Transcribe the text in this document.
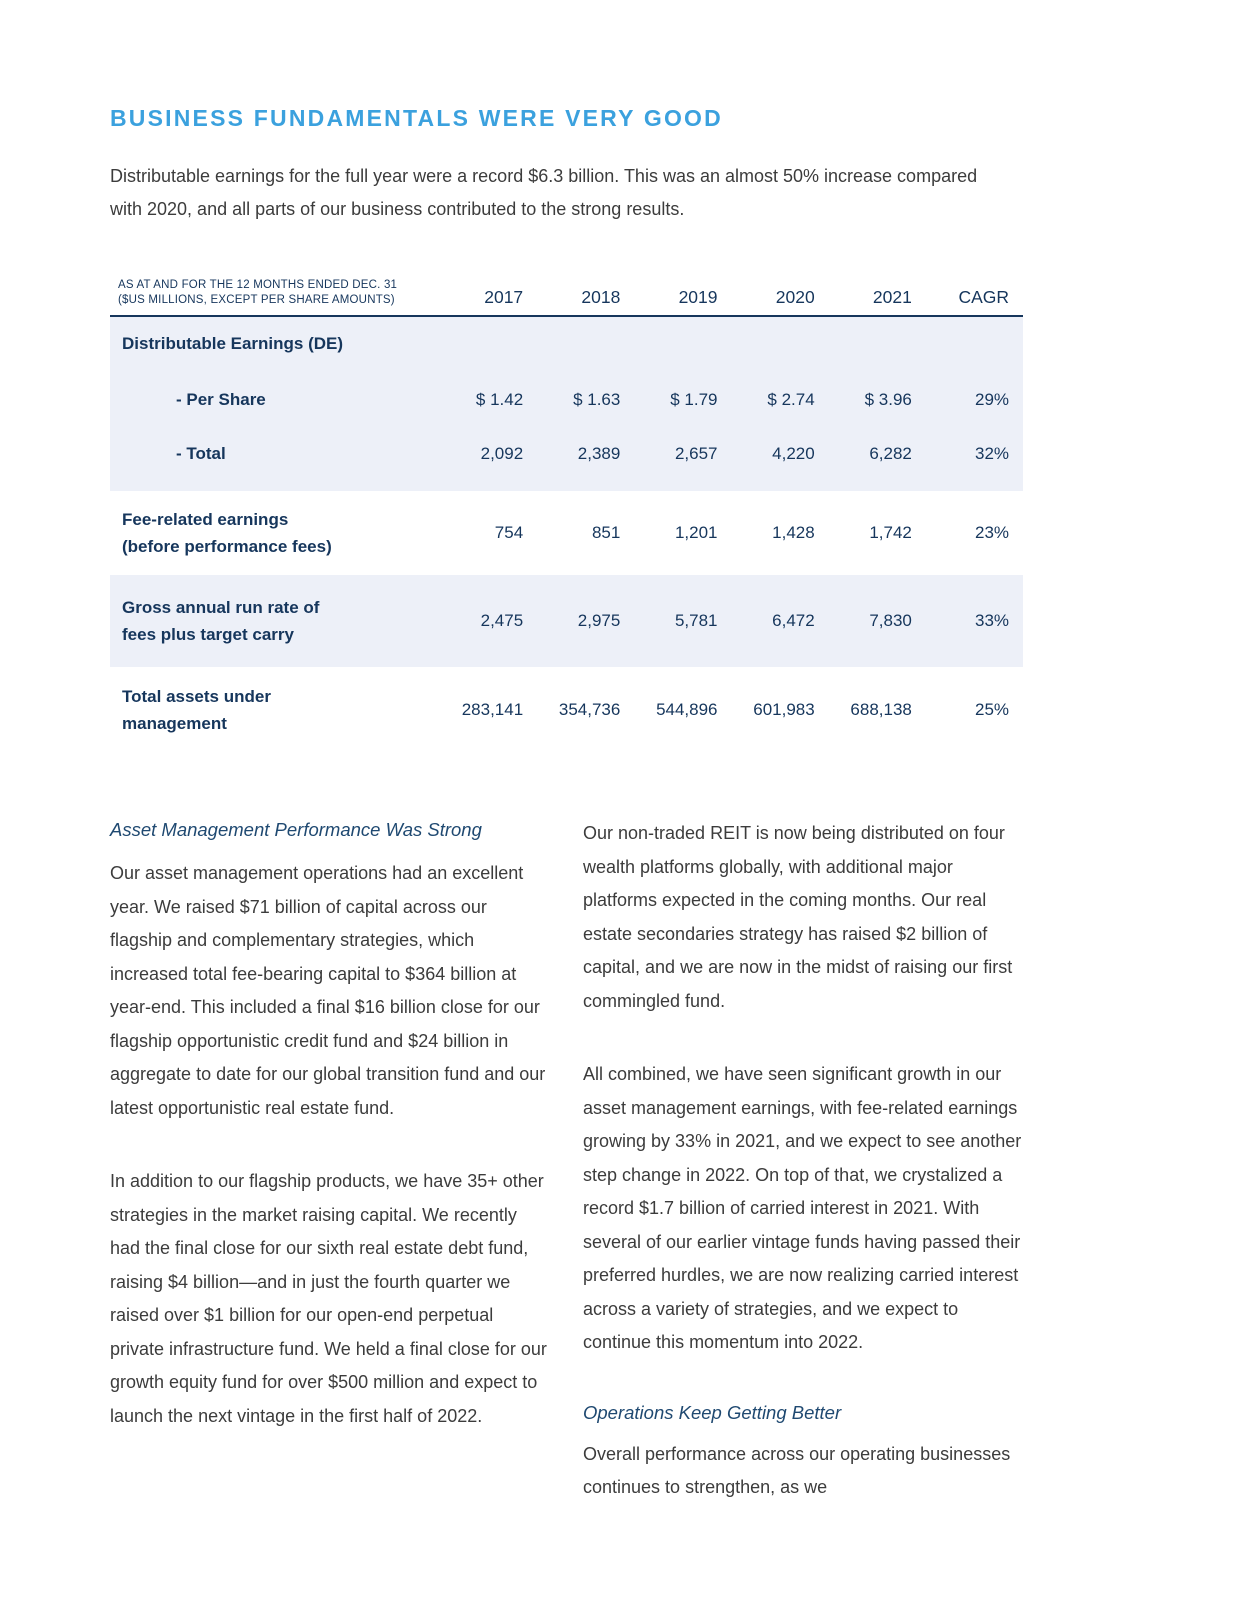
BUSINESS FUNDAMENTALS WERE VERY GOOD

Distributable earnings for the full year were a record $6.3 billion. This was an almost 50% increase compared with 2020, and all parts of our business contributed to the strong results.

AS AT AND FOR THE 12 MONTHS ENDED DEC. 31
($US MILLIONS, EXCEPT PER SHARE AMOUNTS)	2017	2018	2019	2020	2021	CAGR
Distributable Earnings (DE)
- Per Share	$ 1.42	$ 1.63	$ 1.79	$ 2.74	$ 3.96	29%
- Total	2,092	2,389	2,657	4,220	6,282	32%
Fee-related earnings
(before performance fees)
754	851	1,201	1,428	1,742	23%
Gross annual run rate of
fees plus target carry
2,475	2,975	5,781	6,472	7,830	33%
Total assets under
management
283,141	354,736	544,896	601,983	688,138	25%
Asset Management Performance Was Strong

Our asset management operations had an excellent year. We raised $71 billion of capital across our flagship and complementary strategies, which increased total fee-bearing capital to $364 billion at year-end. This included a final $16 billion close for our flagship opportunistic credit fund and $24 billion in aggregate to date for our global transition fund and our latest opportunistic real estate fund.

In addition to our flagship products, we have 35+ other strategies in the market raising capital. We recently had the final close for our sixth real estate debt fund, raising $4 billion—and in just the fourth quarter we raised over $1 billion for our open-end perpetual private infrastructure fund. We held a final close for our growth equity fund for over $500 million and expect to launch the next vintage in the first half of 2022.

Our non-traded REIT is now being distributed on four wealth platforms globally, with additional major platforms expected in the coming months. Our real estate secondaries strategy has raised $2 billion of capital, and we are now in the midst of raising our first commingled fund.

All combined, we have seen significant growth in our asset management earnings, with fee-related earnings growing by 33% in 2021, and we expect to see another step change in 2022. On top of that, we crystalized a record $1.7 billion of carried interest in 2021. With several of our earlier vintage funds having passed their preferred hurdles, we are now realizing carried interest across a variety of strategies, and we expect to continue this momentum into 2022.

Operations Keep Getting Better

Overall performance across our operating businesses continues to strengthen, as we
